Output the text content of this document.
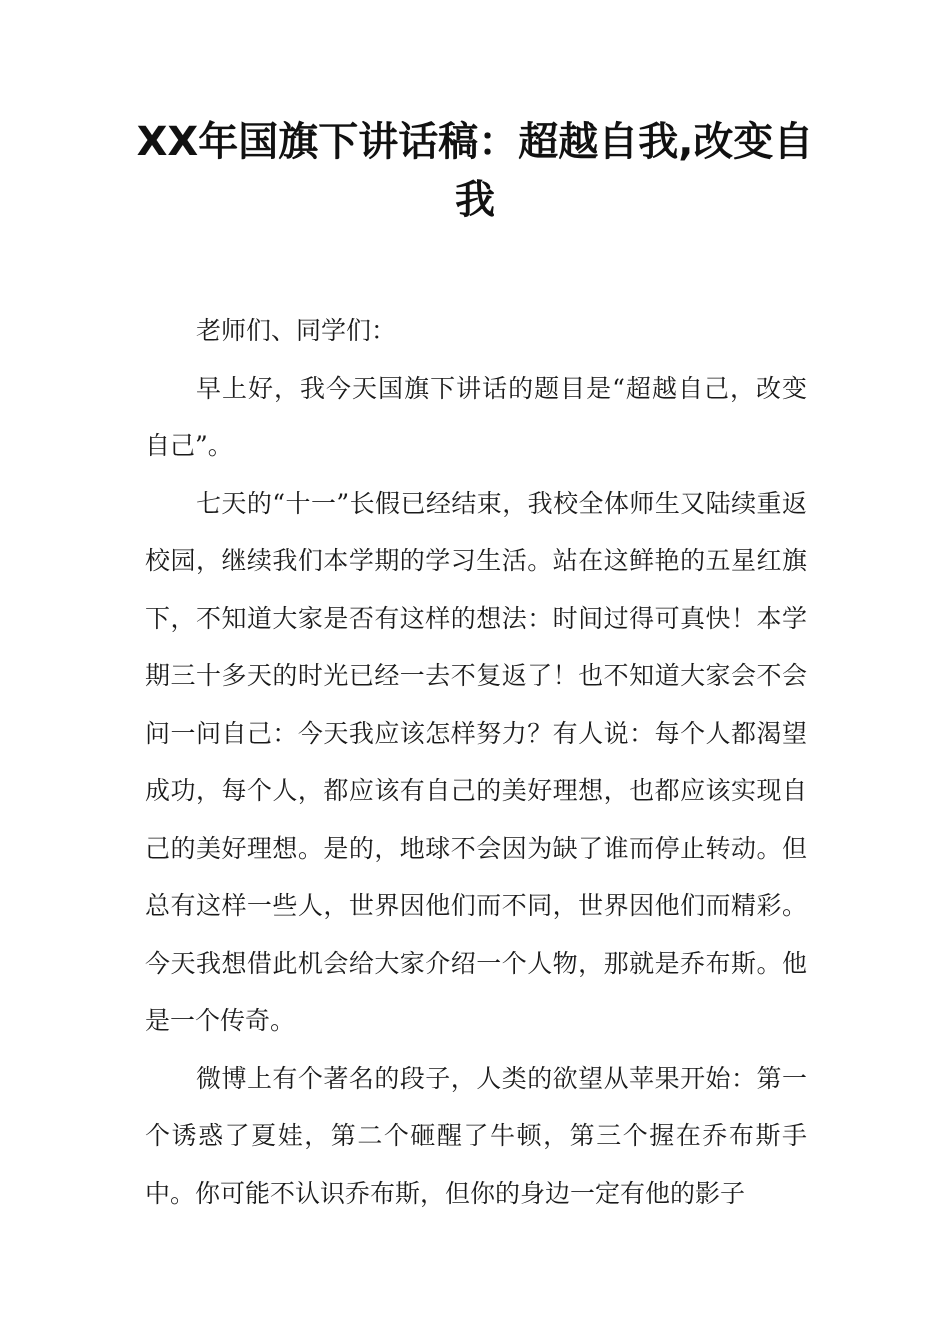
XX年国旗下讲话稿：超越自我,改变自我

老师们、同学们：

早上好，我今天国旗下讲话的题目是“超越自己，改变自己”。

七天的“十一”长假已经结束，我校全体师生又陆续重返校园，继续我们本学期的学习生活。站在这鲜艳的五星红旗下，不知道大家是否有这样的想法：时间过得可真快！本学期三十多天的时光已经一去不复返了！也不知道大家会不会问一问自己：今天我应该怎样努力？有人说：每个人都渴望成功，每个人，都应该有自己的美好理想，也都应该实现自己的美好理想。是的，地球不会因为缺了谁而停止转动。但总有这样一些人，世界因他们而不同，世界因他们而精彩。今天我想借此机会给大家介绍一个人物，那就是乔布斯。他是一个传奇。

微博上有个著名的段子，人类的欲望从苹果开始：第一个诱惑了夏娃，第二个砸醒了牛顿，第三个握在乔布斯手中。你可能不认识乔布斯，但你的身边一定有他的影子
